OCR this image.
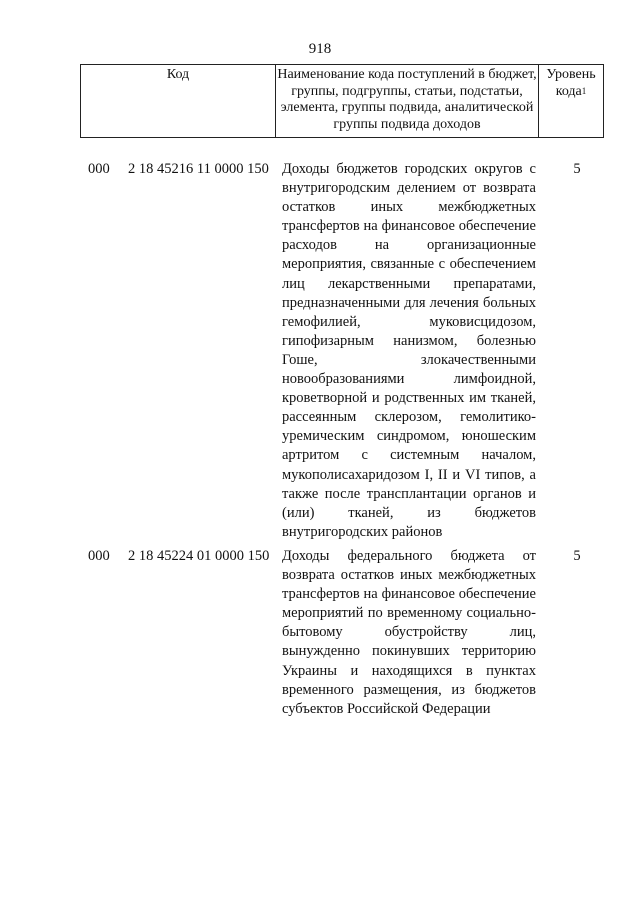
918
Код	Наименование кода поступлений в бюджет, группы, подгруппы, статьи, подстатьи, элемента, группы подвида, аналитической группы подвида доходов
Уровень кода$^1$
000 2 18 45216 11 0000 150 Доходы бюджетов городских округов с внутригородским делением от возврата остатков иных межбюджетных трансфертов на финансовое обеспечение расходов на организационные мероприятия, связанные с обеспечением лиц лекарственными препаратами, предназначенными для лечения больных гемофилией, муковисцидозом, гипофизарным нанизмом, болезнью Гоше, злокачественными новообразованиями лимфоидной, кроветворной и родственных им тканей, рассеянным склерозом, гемолитико-уремическим синдромом, юношеским артритом с системным началом, мукополисахаридозом I, II и VI типов, а также после трансплантации органов и (или) тканей, из бюджетов внутригородских районов
5
000 2 18 45224 01 0000 150 Доходы федерального бюджета от возврата остатков иных межбюджетных трансфертов на финансовое обеспечение мероприятий по временному социально-бытовому обустройству лиц, вынужденно покинувших территорию Украины и находящихся в пунктах временного размещения, из бюджетов субъектов Российской Федерации
5
